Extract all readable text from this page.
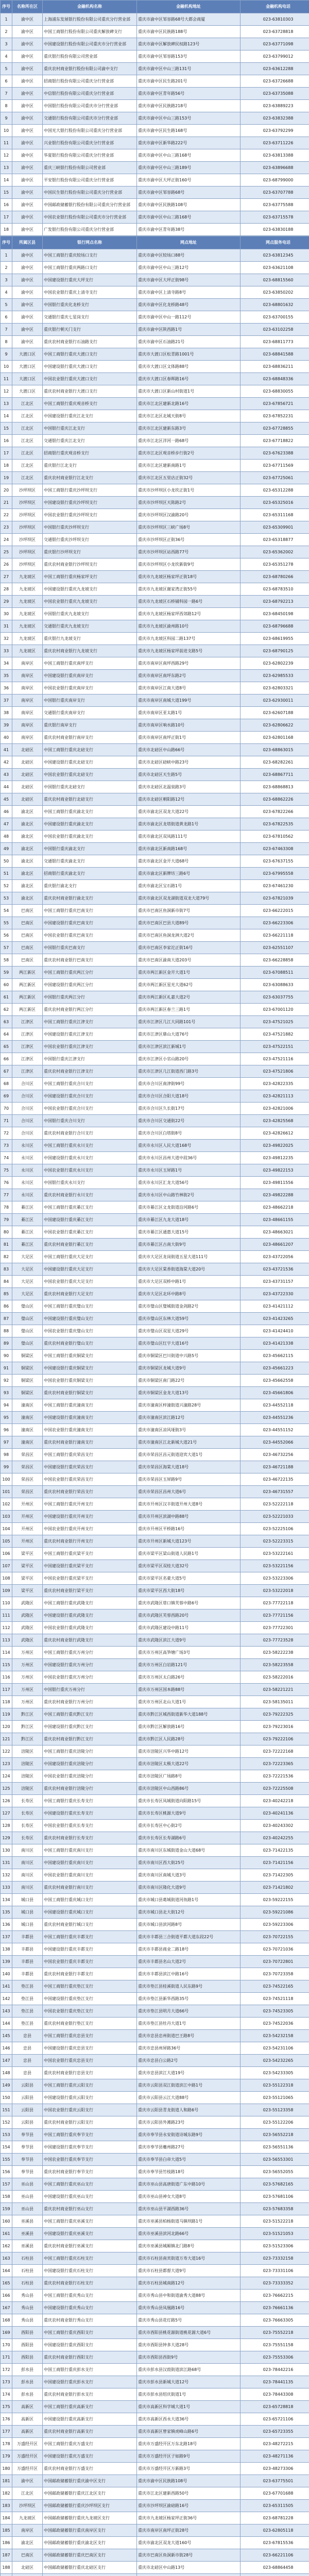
序号	名称所在区	金融机构名称	金融机构地址	金融机构电话
1	渝中区	上海浦东发展银行股份有限公司重庆分行营业部	重庆市渝中区邹容路68号大都会商厦	023-63810303
2	渝中区	中国工商银行股份有限公司重庆解放碑支行	重庆市渝中区民族路188号	023-63728818
3	渝中区	中国建设银行股份有限公司重庆市分行营业部	重庆市渝中区解放碑民权路123号	023-63771098
4	渝中区	重庆银行股份有限公司营业部	重庆市渝中区邹容路153号	023-63799012
5	渝中区	重庆农村商业银行股份有限公司渝中支行	重庆市渝中区中山三路131号	023-63612288
6	渝中区	招商银行股份有限公司重庆分行营业部	重庆市渝中区民生路201号	023-63726688
7	渝中区	中信银行股份有限公司重庆分行营业部	重庆市渝中区青年路56号	023-63735088
8	渝中区	中国银行股份有限公司重庆市分行营业部	重庆市渝中区民族路218号	023-63889223
9	渝中区	交通银行股份有限公司重庆市分行营业部	重庆市渝中区中山三路153号	023-63832388
10	渝中区	中国光大银行股份有限公司重庆分行营业部	重庆市渝中区民生路168号	023-63792299
11	渝中区	兴业银行股份有限公司重庆分行营业部	重庆市渝中区新华路222号	023-63711226
12	渝中区	华夏银行股份有限公司重庆分行营业部	重庆市渝中区中山三路168号	023-63813388
13	渝中区	重庆三峡银行股份有限公司营业部	重庆市渝中区中山三路189号	023-63896688
14	渝中区	平安银行股份有限公司重庆分行营业部	重庆市渝中区大坪正街160号	023-68799000
15	渝中区	中国民生银行股份有限公司重庆分行营业部	重庆市渝中区邹容路68号	023-63707788
16	渝中区	中国邮政储蓄银行股份有限公司重庆分行营业部	重庆市渝中区民族路108号	023-63775588
17	渝中区	中国农业银行股份有限公司重庆市分行营业部	重庆市渝中区中山三路168号	023-63715578
18	渝中区	广发银行股份有限公司重庆分行营业部	重庆市渝中区青年路38号	023-63830188
序号	所属区县	银行网点名称	网点地址	网点服务电话
1	渝中区	中国工商银行重庆较场口支行	重庆市渝中区较场口88号	023-63812345
2	渝中区	中国工商银行重庆两路口支行	重庆市渝中区中山三路12号	023-63621108
3	渝中区	中国建设银行重庆大坪支行	重庆市渝中区大坪正街98号	023-68815560
4	渝中区	中国农业银行重庆上清寺支行	重庆市渝中区上清寺路8号	023-63850202
5	渝中区	中国银行重庆化龙桥支行	重庆市渝中区化龙桥路48号	023-68801632
6	渝中区	交通银行重庆七星岗支行	重庆市渝中区中山一路112号	023-63700155
7	渝中区	重庆银行朝天门支行	重庆市渝中区陕西路1号	023-63102258
8	渝中区	重庆农村商业银行石油路支行	重庆市渝中区石油路21号	023-68811773
9	大渡口区	中国工商银行重庆大渡口支行	重庆市大渡口区松青路1001号	023-68841588
10	大渡口区	中国建设银行重庆大渡口支行	重庆市大渡口区文体路88号	023-68836211
11	大渡口区	中国农业银行重庆大渡口支行	重庆市大渡口区春晖路16号	023-68848336
12	大渡口区	重庆农村商业银行大渡口支行	重庆市大渡口区新山村街道1号	023-68830055
13	江北区	中国工商银行重庆观音桥支行	重庆市江北区建新北路16号	023-67856721
14	江北区	中国建设银行重庆江北支行	重庆市江北区北城天街8号	023-67852231
15	江北区	中国银行重庆江北支行	重庆市江北区建新东路3号	023-67728855
16	江北区	交通银行重庆江北支行	重庆市江北区洋河一路68号	023-67718822
17	江北区	招商银行重庆观音桥支行	重庆市江北区观音桥步行街2号	023-67623388
18	江北区	重庆银行江北支行	重庆市江北区建新南路1号	023-67711569
19	江北区	重庆农村商业银行江北支行	重庆市江北区五里店正街32号	023-67725061
20	沙坪坝区	中国工商银行重庆沙坪坝支行	重庆市沙坪坝区小龙坎正街1号	023-65312288
21	沙坪坝区	中国建设银行重庆沙坪坝支行	重庆市沙坪坝区天陈路2号	023-65325016
22	沙坪坝区	中国农业银行重庆沙坪坝支行	重庆市沙坪坝区汉渝路20号	023-65311168
23	沙坪坝区	中国银行重庆沙坪坝支行	重庆市沙坪坝区三峡广场8号	023-65309901
24	沙坪坝区	交通银行重庆沙坪坝支行	重庆市沙坪坝区正街36号	023-65318877
25	沙坪坝区	重庆银行沙坪坝支行	重庆市沙坪坝区站西路77号	023-65362002
26	沙坪坝区	重庆农村商业银行沙坪坝支行	重庆市沙坪坝区小龙坎新街9号	023-65351278
27	九龙坡区	中国工商银行重庆杨家坪支行	重庆市九龙坡区杨家坪正街18号	023-68780266
28	九龙坡区	中国建设银行重庆九龙坡支行	重庆市九龙坡区谢家湾正街55号	023-68783510
29	九龙坡区	中国农业银行重庆九龙坡支行	重庆市九龙坡区石桥铺科园一路6号	023-68792213
30	九龙坡区	中国银行重庆九龙坡支行	重庆市九龙坡区杨家坪西郊路12号	023-68450198
31	九龙坡区	交通银行重庆九龙坡支行	重庆市九龙坡区渝州路10号	023-68796688
32	九龙坡区	重庆银行九龙坡支行	重庆市九龙坡区科园二路137号	023-68619955
33	九龙坡区	重庆农村商业银行九龙坡支行	重庆市九龙坡区杨家坪前进支路5号	023-68790125
34	南岸区	中国工商银行重庆南坪支行	重庆市南岸区南坪西路29号	023-62802239
35	南岸区	中国建设银行重庆南岸支行	重庆市南岸区南坪东路2号	023-62985533
36	南岸区	中国农业银行重庆南岸支行	重庆市南岸区江南大道8号	023-62803321
37	南岸区	中国银行重庆南岸支行	重庆市南岸区南城大道199号	023-62930011
38	南岸区	交通银行重庆南岸支行	重庆市南岸区亚太路1号	023-62607188
39	南岸区	重庆银行南岸支行	重庆市南岸区响水路10号	023-62806622
40	南岸区	重庆农村商业银行南岸支行	重庆市南岸区南坪正街1号	023-62801168
41	北碚区	中国工商银行重庆北碚支行	重庆市北碚区中山路66号	023-68863015
42	北碚区	中国建设银行重庆北碚支行	重庆市北碚区碚峡中路23号	023-68282261
43	北碚区	中国农业银行重庆北碚支行	重庆市北碚区天生路5号	023-68867711
44	北碚区	中国银行重庆北碚支行	重庆市北碚区北温泉路3号	023-68868813
45	北碚区	重庆农村商业银行北碚支行	重庆市北碚区朝阳路12号	023-68862226
46	渝北区	中国工商银行重庆渝北支行	重庆市渝北区双龙大道22号	023-67822266
47	渝北区	中国建设银行重庆渝北支行	重庆市渝北区龙塔街道黄龙路1号	023-67822535
48	渝北区	中国农业银行重庆渝北支行	重庆市渝北区双凤路111号	023-67810562
49	渝北区	中国银行重庆渝北支行	重庆市渝北区新南路168号	023-67463308
50	渝北区	交通银行重庆渝北支行	重庆市渝北区金开大道68号	023-67637155
51	渝北区	招商银行重庆渝北支行	重庆市渝北区新牌坊三路6号	023-67995558
52	渝北区	重庆银行渝北支行	重庆市渝北区宝石路1号	023-67461230
53	渝北区	重庆农村商业银行渝北支行	重庆市渝北区双龙湖街道双龙大道79号	023-67821039
54	巴南区	中国工商银行重庆巴南支行	重庆市巴南区鱼洞新市街7号	023-66222015
55	巴南区	中国建设银行重庆巴南支行	重庆市巴南区巴县大道89号	023-66223306
56	巴南区	中国农业银行重庆巴南支行	重庆市巴南区鱼洞龙洲大道2号	023-66221118
57	巴南区	中国银行重庆巴南支行	重庆市巴南区李家沱正街16号	023-62551107
58	巴南区	重庆农村商业银行巴南支行	重庆市巴南区渝南大道203号	023-66228858
59	两江新区	中国工商银行重庆两江分行	重庆市两江新区金开大道1号	023-67088511
60	两江新区	中国建设银行重庆两江分行	重庆市两江新区星光大道62号	023-63088633
61	两江新区	中国银行重庆两江分行	重庆市两江新区礼嘉大道2号	023-63037755
62	两江新区	重庆农村商业银行两江分行	重庆市两江新区春兰三路1号	023-67001120
63	江津区	中国工商银行重庆江津支行	重庆市江津区几江大同路101号	023-47521025
64	江津区	中国建设银行重庆江津支行	重庆市江津区鼎山大道76号	023-47521882
65	江津区	中国农业银行重庆江津支行	重庆市江津区滨江新城1号	023-47522151
66	江津区	中国银行重庆江津支行	重庆市江津区小官山路20号	023-47521116
67	江津区	重庆农村商业银行江津支行	重庆市江津区几江街道西门路3号	023-47521806
68	合川区	中国工商银行重庆合川支行	重庆市合川区南津街99号	023-42822335
69	合川区	中国建设银行重庆合川支行	重庆市合川区合阳大道18号	023-42821113
70	合川区	中国农业银行重庆合川支行	重庆市合川区久长街17号	023-42821006
71	合川区	中国银行重庆合川支行	重庆市合川区交通街22号	023-42825568
72	合川区	重庆农村商业银行合川支行	重庆市合川区白塔街8号	023-42826612
73	永川区	中国工商银行重庆永川支行	重庆市永川区人民大道168号	023-49822025
74	永川区	中国建设银行重庆永川支行	重庆市永川区昌州大道中段36号	023-49812235
75	永川区	中国农业银行重庆永川支行	重庆市永川区玉屏路1号	023-49822153
76	永川区	中国银行重庆永川支行	重庆市永川区汇龙大道56号	023-49811556
77	永川区	重庆农村商业银行永川支行	重庆市永川区中山路竹林街2号	023-49822288
78	綦江区	中国工商银行重庆綦江支行	重庆市綦江区文龙街道沿河路6号	023-48662218
79	綦江区	中国建设银行重庆綦江支行	重庆市綦江区九龙大道18号	023-48661155
80	綦江区	中国农业银行重庆綦江支行	重庆市綦江区通惠大道15号	023-48663021
81	綦江区	重庆农村商业银行綦江支行	重庆市綦江区古南大街9号	023-48661207
82	大足区	中国工商银行重庆大足支行	重庆市大足区龙岗街道五星大道111号	023-43722056
83	大足区	中国建设银行重庆大足支行	重庆市大足区棠香街道海棠大道20号	023-43721536
84	大足区	中国农业银行重庆大足支行	重庆市大足区双桥中路1号	023-43731157
85	大足区	重庆农村商业银行大足支行	重庆市大足区北环中路8号	023-43722330
86	璧山区	中国工商银行重庆璧山支行	重庆市璧山区璧城街道金剑路2号	023-41421112
87	璧山区	中国建设银行重庆璧山支行	重庆市璧山区东林大道59号	023-41423265
88	璧山区	中国农业银行重庆璧山支行	重庆市璧山区双星大道29号	023-41424410
89	璧山区	重庆农村商业银行璧山支行	重庆市璧山区红宇大道16号	023-41421338
90	铜梁区	中国工商银行重庆铜梁支行	重庆市铜梁区巴川街道中兴路5号	023-45662115
91	铜梁区	中国建设银行重庆铜梁支行	重庆市铜梁区龙城大道9号	023-45661223
92	铜梁区	中国农业银行重庆铜梁支行	重庆市铜梁区南门路22号	023-45662558
93	铜梁区	重庆农村商业银行铜梁支行	重庆市铜梁区金龙大道13号	023-45661806
94	潼南区	中国工商银行重庆潼南支行	重庆市潼南区梓潼街道兴潼路28号	023-44552118
95	潼南区	中国建设银行重庆潼南支行	重庆市潼南区滨江路12号	023-44551236
96	潼南区	中国农业银行重庆潼南支行	重庆市潼南区凉风垭街3号	023-44551152
97	潼南区	重庆农村商业银行潼南支行	重庆市潼南区江北新城大道21号	023-44552066
98	荣昌区	中国工商银行重庆荣昌支行	重庆市荣昌区昌元街道迎宾大道1号	023-46732256
99	荣昌区	中国建设银行重庆荣昌支行	重庆市荣昌区海棠大道18号	023-46721188
100	荣昌区	中国农业银行重庆荣昌支行	重庆市荣昌区玉屏路9号	023-46722135
101	荣昌区	重庆农村商业银行荣昌支行	重庆市荣昌区昌州大道6号	023-46731557
102	开州区	中国工商银行重庆开州支行	重庆市开州区汉丰街道开州大道8号	023-52222118
103	开州区	中国建设银行重庆开州支行	重庆市开州区滨湖中路88号	023-52221033
104	开州区	中国农业银行重庆开州支行	重庆市开州区平桥路16号	023-52225106
105	开州区	重庆农村商业银行开州支行	重庆市开州区新城大道123号	023-52223315
106	梁平区	中国工商银行重庆梁平支行	重庆市梁平区梁山街道人民路1号	023-53222161
107	梁平区	中国建设银行重庆梁平支行	重庆市梁平区双桂大道32号	023-53221156
108	梁平区	中国农业银行重庆梁平支行	重庆市梁平区名豪大道5号	023-53223306
109	梁平区	重庆农村商业银行梁平支行	重庆市梁平区西大街18号	023-53222018
110	武隆区	中国工商银行重庆武隆支行	重庆市武隆区巷口镇芙蓉中路6号	023-77722118
111	武隆区	中国建设银行重庆武隆支行	重庆市武隆区芙蓉西路20号	023-77721156
112	武隆区	中国农业银行重庆武隆支行	重庆市武隆区建设中路11号	023-77722301
113	武隆区	重庆农村商业银行武隆支行	重庆市武隆区滨江大道9号	023-77723528
114	万州区	中国工商银行重庆万州分行	重庆市万州区高笋塘广场3号	023-58222238
115	万州区	中国建设银行重庆万州分行	重庆市万州区白岩路121号	023-58223558
116	万州区	中国农业银行重庆万州分行	重庆市万州区太白路26号	023-58222016
117	万州区	中国银行重庆万州分行	重庆市万州区国本路88号	023-58221221
118	万州区	重庆农村商业银行万州分行	重庆市万州区北山大道1号	023-58135011
119	黔江区	中国工商银行重庆黔江支行	重庆市黔江区城西街道新华大道188号	023-79222325
120	黔江区	中国建设银行重庆黔江支行	重庆市黔江区解放路16号	023-79223016
121	黔江区	重庆农村商业银行黔江支行	重庆市黔江区人民路28号	023-79222106
122	涪陵区	中国工商银行重庆涪陵分行	重庆市涪陵区兴华中路12号	023-72222168
123	涪陵区	中国建设银行重庆涪陵分行	重庆市涪陵区太极大道22号	023-72223365
124	涪陵区	中国农业银行重庆涪陵分行	重庆市涪陵区广场路8号	023-72221536
125	涪陵区	重庆农村商业银行涪陵分行	重庆市涪陵区中山西路86号	023-72225508
126	长寿区	中国工商银行重庆长寿支行	重庆市长寿区凤城街道向阳路15号	023-40242218
127	长寿区	中国建设银行重庆长寿支行	重庆市长寿区桃源大道9号	023-40241136
128	长寿区	中国农业银行重庆长寿支行	重庆市长寿区中心街2号	023-40243302
129	长寿区	重庆农村商业银行长寿支行	重庆市长寿区长寿湖路6号	023-40242255
130	南川区	中国工商银行重庆南川支行	重庆市南川区东城街道金山大道68号	023-71422135
131	南川区	中国建设银行重庆南川支行	重庆市南川区西大街25号	023-71421156
132	南川区	中国农业银行重庆南川支行	重庆市南川区南城大道3号	023-71422305
133	南川区	重庆农村商业银行南川支行	重庆市南川区隆化大道9号	023-71421802
134	城口县	中国工商银行重庆城口支行	重庆市城口县葛城街道河鱼路1号	023-59222155
135	城口县	中国建设银行重庆城口支行	重庆市城口县北大街12号	023-59221086
136	城口县	重庆农村商业银行城口支行	重庆市城口县滨河路8号	023-59223306
137	丰都县	中国工商银行重庆丰都支行	重庆市丰都县三合街道平都大道东段22号	023-70722155
138	丰都县	中国建设银行重庆丰都支行	重庆市丰都县商业二路18号	023-70721036
139	丰都县	中国农业银行重庆丰都支行	重庆市丰都县名山大道2号	023-70722801
140	丰都县	重庆农村商业银行丰都支行	重庆市丰都县滨江中路16号	023-70723358
141	垫江县	中国工商银行重庆垫江支行	重庆市垫江县桂溪街道人民东路9号	023-74522165
142	垫江县	中国建设银行重庆垫江支行	重庆市垫江县新华西路35号	023-74521118
143	垫江县	中国农业银行重庆垫江支行	重庆市垫江县明月大道66号	023-74523305
144	垫江县	重庆农村商业银行垫江支行	重庆市垫江县牡丹大道1号	023-74522036
145	忠县	中国工商银行重庆忠县支行	重庆市忠县忠州街道巴王路8号	023-54232158
146	忠县	中国建设银行重庆忠县支行	重庆市忠县州屏路36号	023-54231106
147	忠县	中国农业银行重庆忠县支行	重庆市忠县白公路2号	023-54232265
148	忠县	重庆农村商业银行忠县支行	重庆市忠县滨江大道19号	023-54233305
149	云阳县	中国工商银行重庆云阳支行	重庆市云阳县双江街道滨江中路1号	023-55122318
150	云阳县	中国建设银行重庆云阳支行	重庆市云阳县云江大道88号	023-55121065
151	云阳县	中国农业银行重庆云阳支行	重庆市云阳县青龙街道人和路6号	023-55123358
152	云阳县	重庆农村商业银行云阳支行	重庆市云阳县外滩路23号	023-55122206
153	奉节县	中国工商银行重庆奉节支行	重庆市奉节县永安街道诗城东路9号	023-56552218
154	奉节县	中国建设银行重庆奉节支行	重庆市奉节县夔州路27号	023-56551136
155	奉节县	中国农业银行重庆奉节支行	重庆市奉节县白帝大道5号	023-56553301
156	奉节县	重庆农村商业银行奉节支行	重庆市奉节县竹枝路18号	023-56552055
157	巫山县	中国工商银行重庆巫山支行	重庆市巫山县高唐街道广东中路10号	023-57682165
158	巫山县	中国建设银行重庆巫山支行	重庆市巫山县神女大道8号	023-57681106
159	巫山县	重庆农村商业银行巫山支行	重庆市巫山县平湖西路36号	023-57683358
160	巫溪县	中国工商银行重庆巫溪支行	重庆市巫溪县柏杨街道马镇坝路1号	023-51522218
161	巫溪县	中国建设银行重庆巫溪支行	重庆市巫溪县滨河北路66号	023-51521053
162	巫溪县	重庆农村商业银行巫溪支行	重庆市巫溪县城厢镇北门路8号	023-51523306
163	石柱县	中国工商银行重庆石柱支行	重庆市石柱县南宾街道万寿大道16号	023-73332158
164	石柱县	中国建设银行重庆石柱支行	重庆市石柱县都督大道9号	023-73331106
165	石柱县	重庆农村商业银行石柱支行	重庆市石柱县城南路12号	023-73333352
166	秀山县	中国工商银行重庆秀山支行	重庆市秀山县中和街道渝秀大道88号	023-76662215
167	秀山县	中国建设银行重庆秀山支行	重庆市秀山县凤凰路16号	023-76661136
168	秀山县	重庆农村商业银行秀山支行	重庆市秀山县花灯路5号	023-76663305
169	酉阳县	中国工商银行重庆酉阳支行	重庆市酉阳县桃花源街道桃花源大道6号	023-75552218
170	酉阳县	中国建设银行重庆酉阳支行	重庆市酉阳县钟多大道28号	023-75551158
171	酉阳县	重庆农村商业银行酉阳支行	重庆市酉阳县西街9号	023-75553306
172	彭水县	中国工商银行重庆彭水支行	重庆市彭水县汉葭街道滨江路68号	023-78442216
173	彭水县	中国建设银行重庆彭水支行	重庆市彭水县新城大道12号	023-78441135
174	彭水县	重庆农村商业银行彭水支行	重庆市彭水县绍庆街道1号	023-78443308
175	高新区	中国工商银行重庆高新支行	重庆市高新区科学城大道1号	023-65728818
176	高新区	中国建设银行重庆高新支行	重庆市高新区西永大道36号	023-65721106
177	高新区	重庆农村商业银行高新支行	重庆市高新区曾家镇虎峰山路6号	023-65723355
178	万盛经开区	中国工商银行重庆万盛支行	重庆市万盛经开区万东北路18号	023-48272215
179	万盛经开区	中国建设银行重庆万盛支行	重庆市万盛经开区子如路9号	023-48271136
180	万盛经开区	重庆农村商业银行万盛支行	重庆市万盛经开区万新路3号	023-48273306
181	渝中区	中国邮政储蓄银行重庆渝中区支行	重庆市渝中区民族路108号	023-63775501
182	江北区	中国邮政储蓄银行重庆江北区支行	重庆市江北区建新西路50号	023-67701688
183	沙坪坝区	中国邮政储蓄银行重庆沙坪坝区支行	重庆市沙坪坝区渝碚路16号	023-65311505
184	九龙坡区	中国邮政储蓄银行重庆九龙坡区支行	重庆市九龙坡区杨家坪正街36号	023-68781228
185	南岸区	中国邮政储蓄银行重庆南岸区支行	重庆市南岸区南坪正街28号	023-62805118
186	渝北区	中国邮政储蓄银行重庆渝北区支行	重庆市渝北区双龙大道160号	023-67815536
187	巴南区	中国邮政储蓄银行重庆巴南区支行	重庆市巴南区鱼洞新市街28号	023-66221106
188	北碚区	中国邮政储蓄银行重庆北碚区支行	重庆市北碚区中山路13号	023-68864458
